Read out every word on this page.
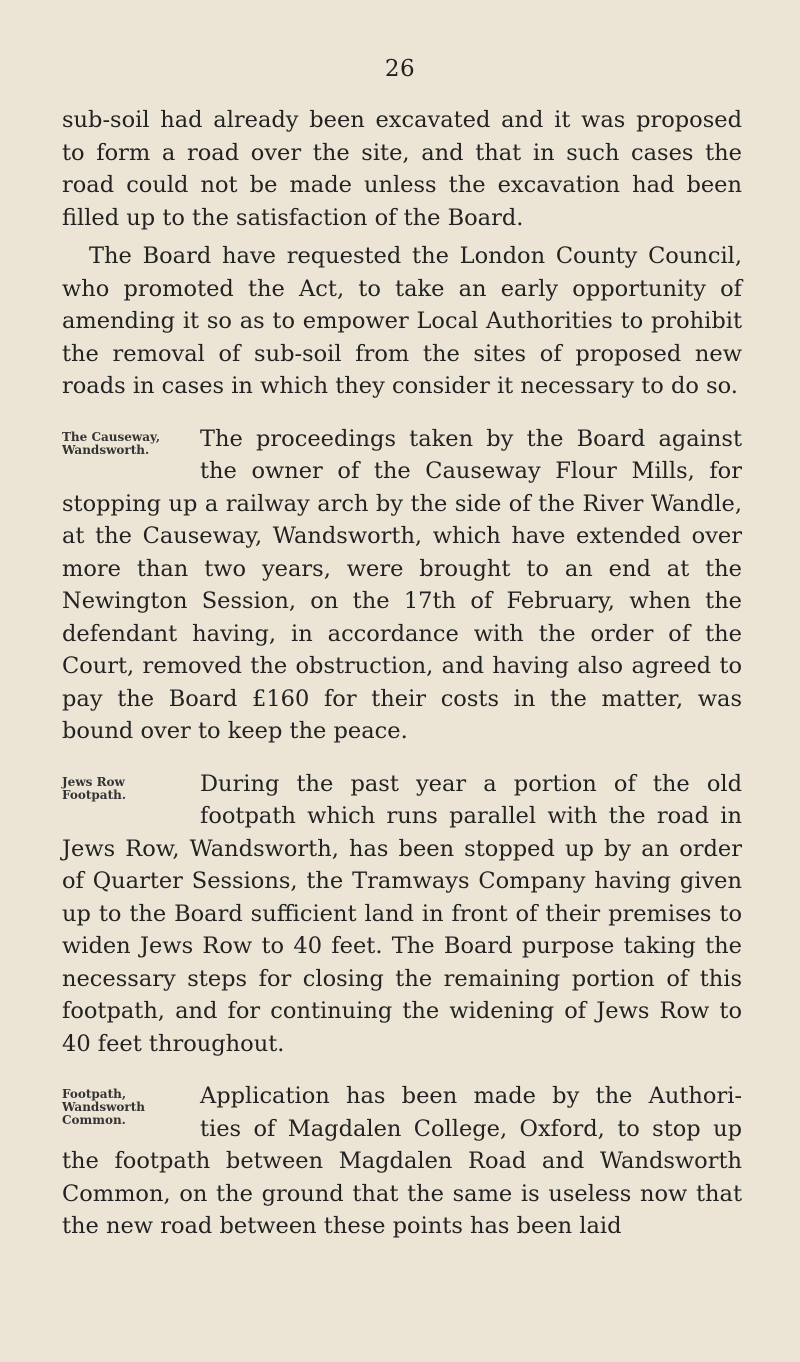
26

sub-soil had already been excavated and it was proposed to form a road over the site, and that in such cases the road could not be made unless the excavation had been filled up to the satisfaction of the Board.

The Board have requested the London County Council, who promoted the Act, to take an early opportunity of amending it so as to empower Local Authorities to prohibit the removal of sub-soil from the sites of proposed new roads in cases in which they consider it necessary to do so.

The Causeway,
Wandsworth.	The proceedings taken by the Board against
the owner of the Causeway Flour Mills, for
stopping up a railway arch by the side of the River Wandle, at the Causeway, Wandsworth, which have extended over more than two years, were brought to an end at the Newington Session, on the 17th of February, when the defendant having, in accordance with the order of the Court, removed the obstruction, and having also agreed to pay the Board £160 for their costs in the matter, was bound over to keep the peace.
Jews Row
Footpath.	During the past year a portion of the old
footpath which runs parallel with the road in
Jews Row, Wandsworth, has been stopped up by an order of Quarter Sessions, the Tramways Company having given up to the Board sufficient land in front of their premises to widen Jews Row to 40 feet. The Board purpose taking the necessary steps for closing the remaining portion of this footpath, and for continuing the widening of Jews Row to 40 feet throughout.
Footpath,
Wandsworth
Common.
Application has been made by the Authori-
ties of Magdalen College, Oxford, to stop up
the footpath between Magdalen Road and Wandsworth Common, on the ground that the same is useless now that the new road between these points has been laid
